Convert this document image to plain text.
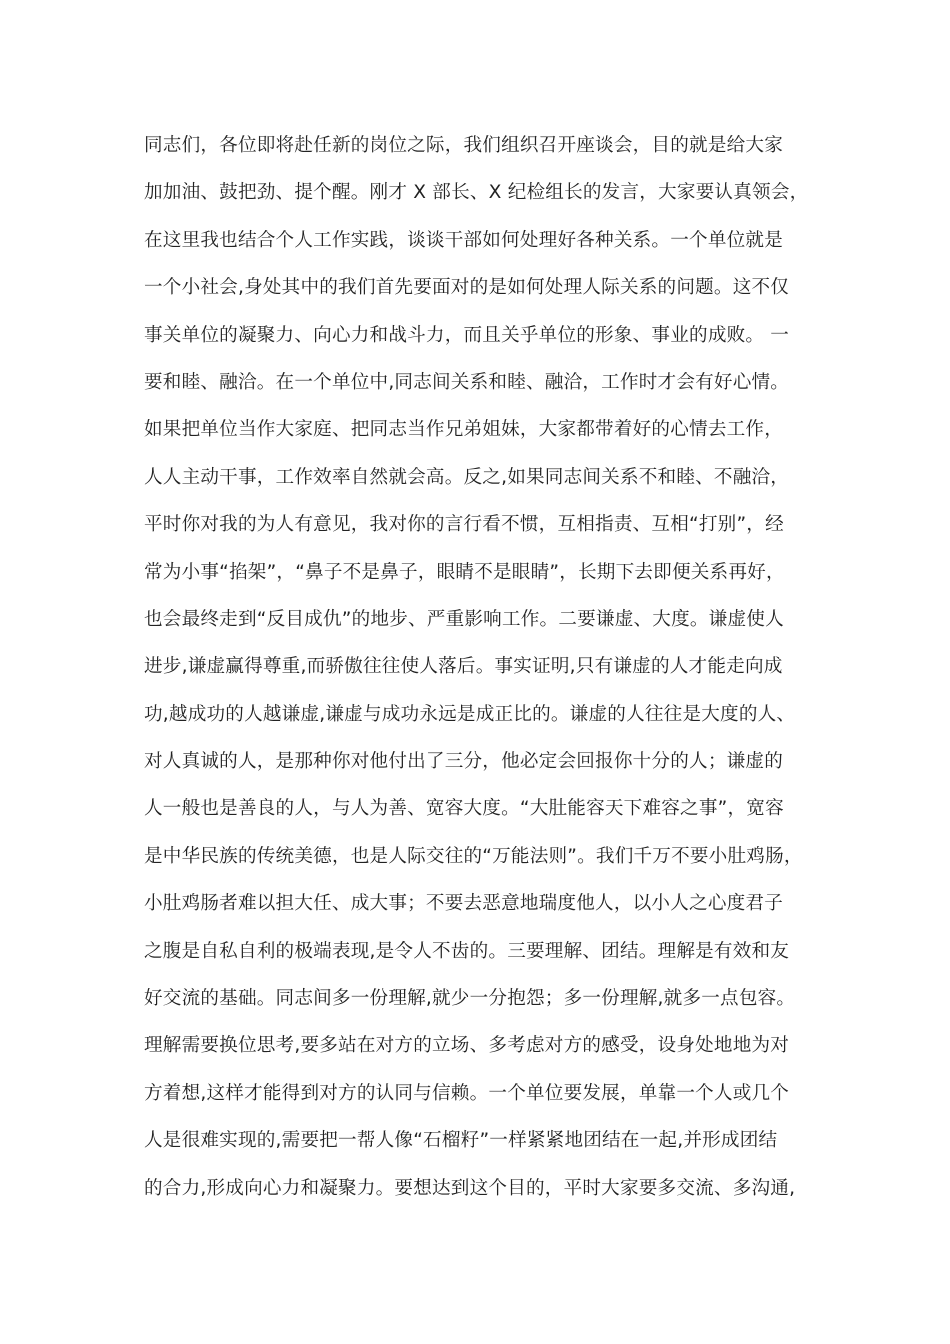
同志们，各位即将赴任新的岗位之际，我们组织召开座谈会，目的就是给大家
加加油、鼓把劲、提个醒。刚才 X 部长、X 纪检组长的发言，大家要认真领会，
在这里我也结合个人工作实践，谈谈干部如何处理好各种关系。一个单位就是
一个小社会,身处其中的我们首先要面对的是如何处理人际关系的问题。这不仅
事关单位的凝聚力、向心力和战斗力，而且关乎单位的形象、事业的成败。 一
要和睦、融洽。在一个单位中,同志间关系和睦、融洽，工作时才会有好心情。
如果把单位当作大家庭、把同志当作兄弟姐妹，大家都带着好的心情去工作，
人人主动干事，工作效率自然就会高。反之,如果同志间关系不和睦、不融洽，
平时你对我的为人有意见，我对你的言行看不惯，互相指责、互相“打别”，经
常为小事“掐架”，“鼻子不是鼻子，眼睛不是眼睛”，长期下去即便关系再好，
也会最终走到“反目成仇”的地步、严重影响工作。二要谦虚、大度。谦虚使人
进步,谦虚赢得尊重,而骄傲往往使人落后。事实证明,只有谦虚的人才能走向成
功,越成功的人越谦虚,谦虚与成功永远是成正比的。谦虚的人往往是大度的人、
对人真诚的人，是那种你对他付出了三分，他必定会回报你十分的人；谦虚的
人一般也是善良的人，与人为善、宽容大度。“大肚能容天下难容之事”，宽容
是中华民族的传统美德，也是人际交往的“万能法则”。我们千万不要小肚鸡肠，
小肚鸡肠者难以担大任、成大事；不要去恶意地瑞度他人，以小人之心度君子
之腹是自私自利的极端表现,是令人不齿的。三要理解、团结。理解是有效和友
好交流的基础。同志间多一份理解,就少一分抱怨；多一份理解,就多一点包容。
理解需要换位思考,要多站在对方的立场、多考虑对方的感受，设身处地地为对
方着想,这样才能得到对方的认同与信赖。一个单位要发展，单靠一个人或几个
人是很难实现的,需要把一帮人像“石榴籽”一样紧紧地团结在一起,并形成团结
的合力,形成向心力和凝聚力。要想达到这个目的，平时大家要多交流、多沟通,
